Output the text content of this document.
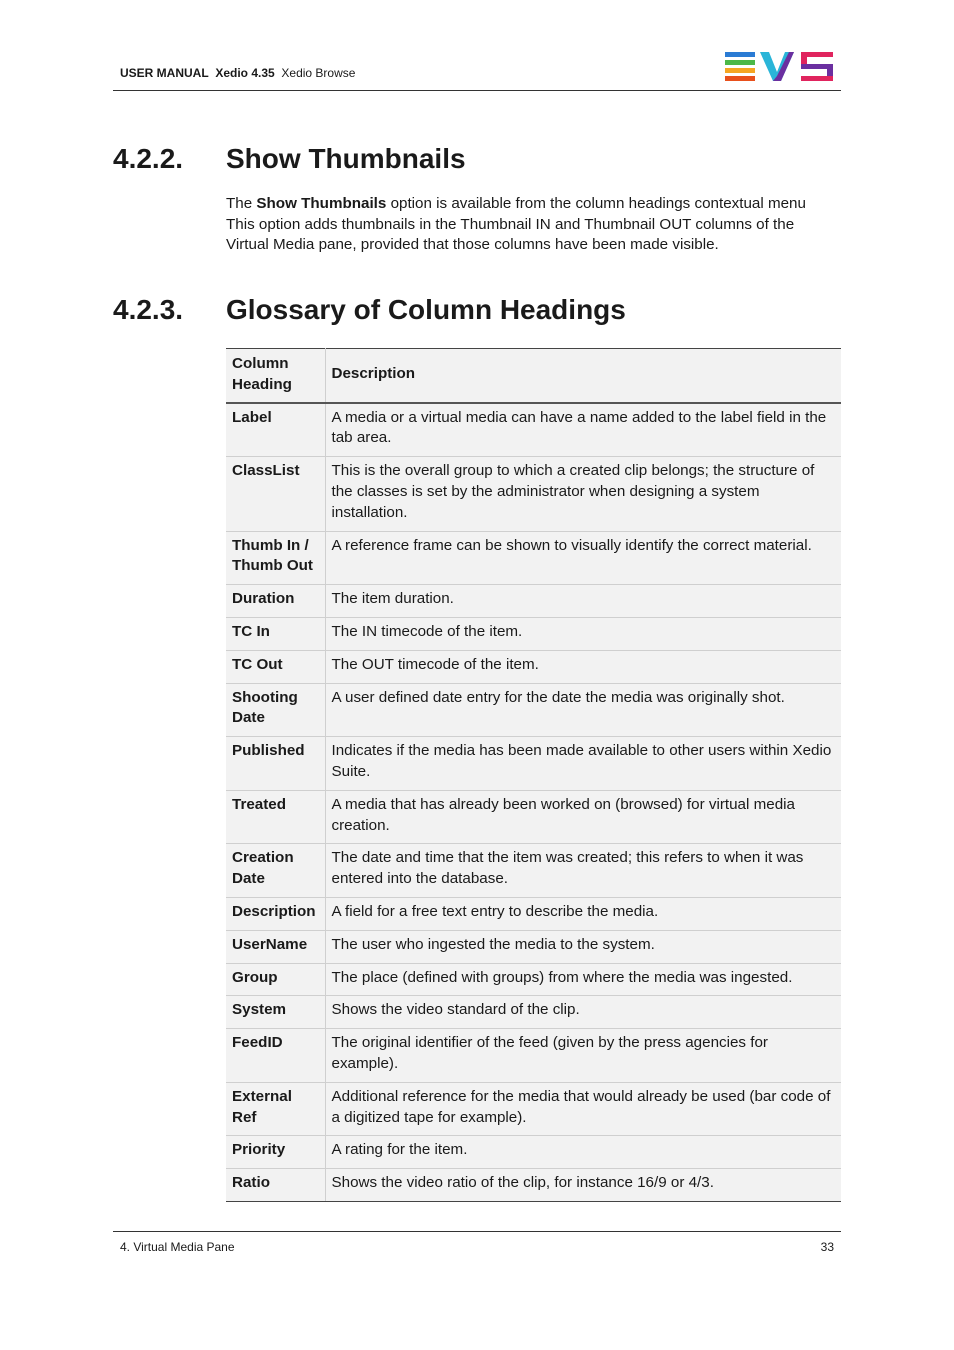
USER MANUAL Xedio 4.35 Xedio Browse
4.2.2. Show Thumbnails
The Show Thumbnails option is available from the column headings contextual menu
This option adds thumbnails in the Thumbnail IN and Thumbnail OUT columns of the Virtual Media pane, provided that those columns have been made visible.
4.2.3. Glossary of Column Headings
Column Heading	Description
Label	A media or a virtual media can have a name added to the label field in the tab area.
ClassList	This is the overall group to which a created clip belongs; the structure of the classes is set by the administrator when designing a system installation.
Thumb In / Thumb Out	A reference frame can be shown to visually identify the correct material.
Duration	The item duration.
TC In	The IN timecode of the item.
TC Out	The OUT timecode of the item.
Shooting Date	A user defined date entry for the date the media was originally shot.
Published	Indicates if the media has been made available to other users within Xedio Suite.
Treated	A media that has already been worked on (browsed) for virtual media creation.
Creation Date	The date and time that the item was created; this refers to when it was entered into the database.
Description	A field for a free text entry to describe the media.
UserName	The user who ingested the media to the system.
Group	The place (defined with groups) from where the media was ingested.
System	Shows the video standard of the clip.
FeedID	The original identifier of the feed (given by the press agencies for example).
External Ref	Additional reference for the media that would already be used (bar code of a digitized tape for example).
Priority	A rating for the item.
Ratio	Shows the video ratio of the clip, for instance 16/9 or 4/3.
4. Virtual Media Pane	33
